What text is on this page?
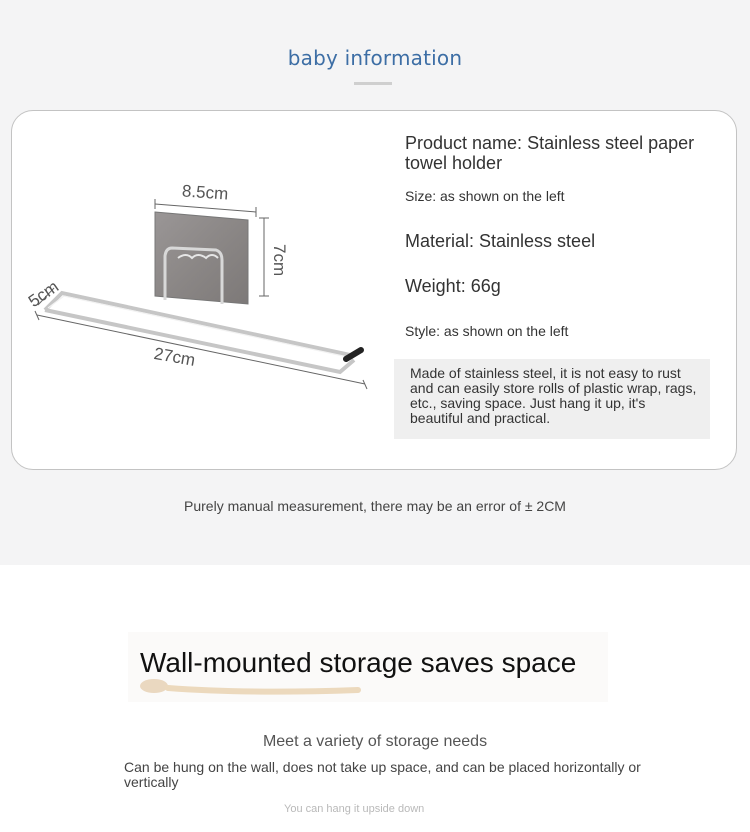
baby information
8.5cm
7cm
5cm
27cm
Product name: Stainless steel paper towel holder
Size: as shown on the left
Material: Stainless steel
Weight: 66g
Style: as shown on the left
Made of stainless steel, it is not easy to rust and can easily store rolls of plastic wrap, rags, etc., saving space. Just hang it up, it's beautiful and practical.
Purely manual measurement, there may be an error of ± 2CM
Wall-mounted storage saves space
Meet a variety of storage needs
Can be hung on the wall, does not take up space, and can be placed horizontally or vertically
You can hang it upside down
